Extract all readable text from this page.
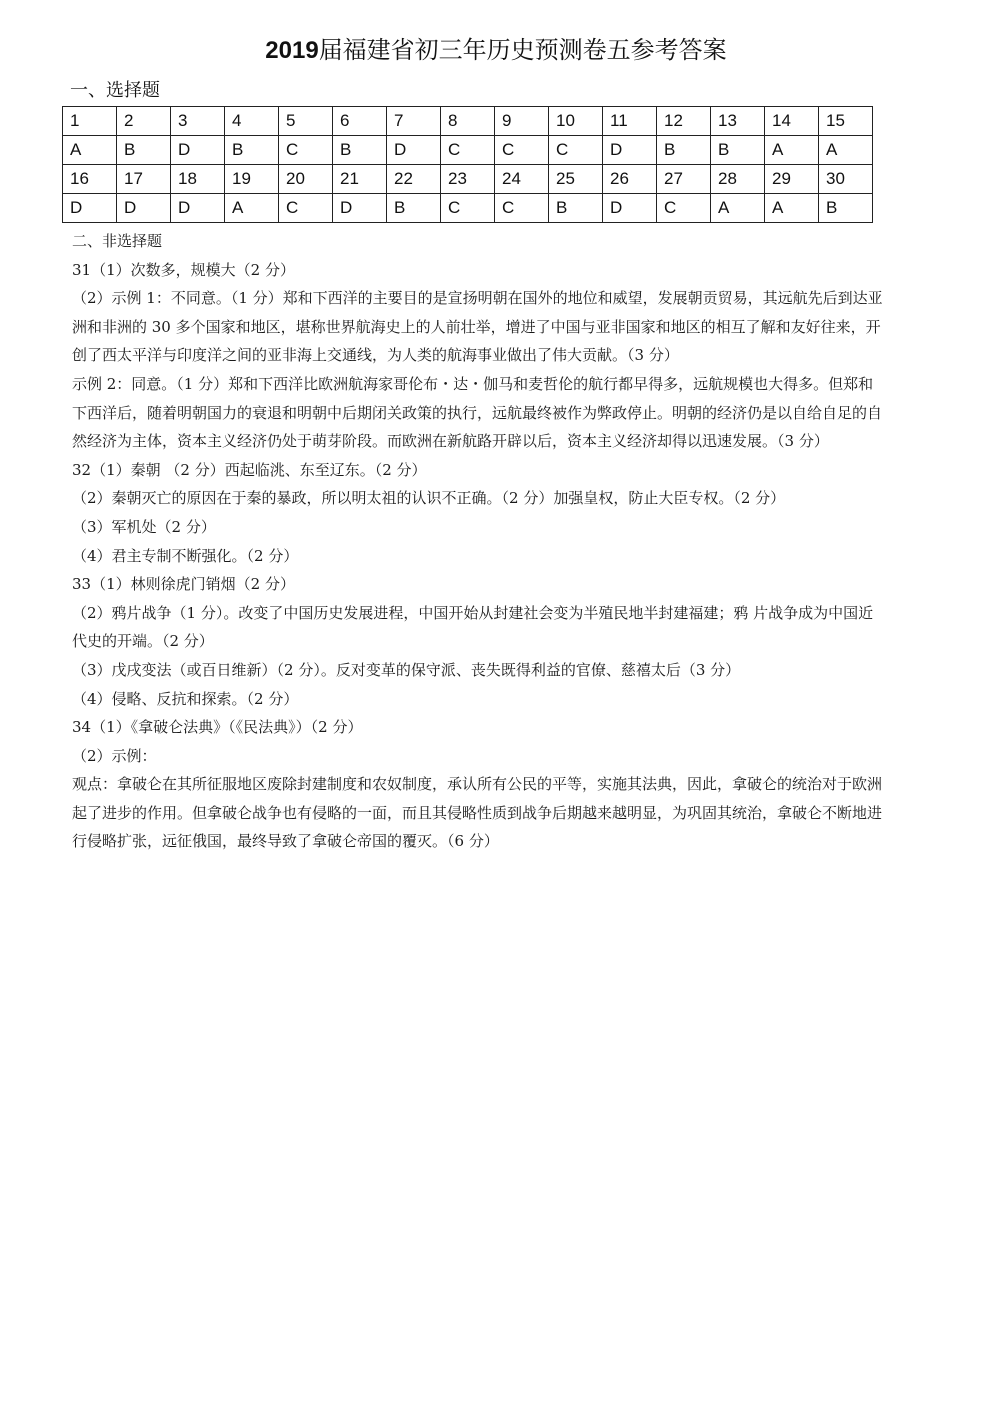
2019届福建省初三年历史预测卷五参考答案
一、选择题
1	2	3	4	5	6	7	8	9	10	11	12	13	14	15
A	B	D	B	C	B	D	C	C	C	D	B	B	A	A
16	17	18	19	20	21	22	23	24	25	26	27	28	29	30
D	D	D	A	C	D	B	C	C	B	D	C	A	A	B

二、非选择题

31（1）次数多，规模大（2 分）

（2）示例 1：不同意。（1 分）郑和下西洋的主要目的是宣扬明朝在国外的地位和威望，发展朝贡贸易，其远航先后到达亚洲和非洲的 30 多个国家和地区，堪称世界航海史上的人前壮举，增进了中国与亚非国家和地区的相互了解和友好往来，开创了西太平洋与印度洋之间的亚非海上交通线，为人类的航海事业做出了伟大贡献。（3 分）

示例 2：同意。（1 分）郑和下西洋比欧洲航海家哥伦布・达・伽马和麦哲伦的航行都早得多，远航规模也大得多。但郑和下西洋后，随着明朝国力的衰退和明朝中后期闭关政策的执行，远航最终被作为弊政停止。明朝的经济仍是以自给自足的自然经济为主体，资本主义经济仍处于萌芽阶段。而欧洲在新航路开辟以后，资本主义经济却得以迅速发展。（3 分）

32（1）秦朝 （2 分）西起临洮、东至辽东。（2 分）

（2）秦朝灭亡的原因在于秦的暴政，所以明太祖的认识不正确。（2 分）加强皇权，防止大臣专权。（2 分）

（3）军机处（2 分）

（4）君主专制不断强化。（2 分）

33（1）林则徐虎门销烟（2 分）

（2）鸦片战争（1 分）。改变了中国历史发展进程，中国开始从封建社会变为半殖民地半封建福建；鸦 片战争成为中国近代史的开端。（2 分）

（3）戊戌变法（或百日维新）（2 分）。反对变革的保守派、丧失既得利益的官僚、慈禧太后（3 分）

（4）侵略、反抗和探索。（2 分）

34（1）《拿破仑法典》（《民法典》）（2 分）

（2）示例：

观点：拿破仑在其所征服地区废除封建制度和农奴制度，承认所有公民的平等，实施其法典，因此，拿破仑的统治对于欧洲起了进步的作用。但拿破仑战争也有侵略的一面，而且其侵略性质到战争后期越来越明显，为巩固其统治，拿破仑不断地进行侵略扩张，远征俄国，最终导致了拿破仑帝国的覆灭。（6 分）
